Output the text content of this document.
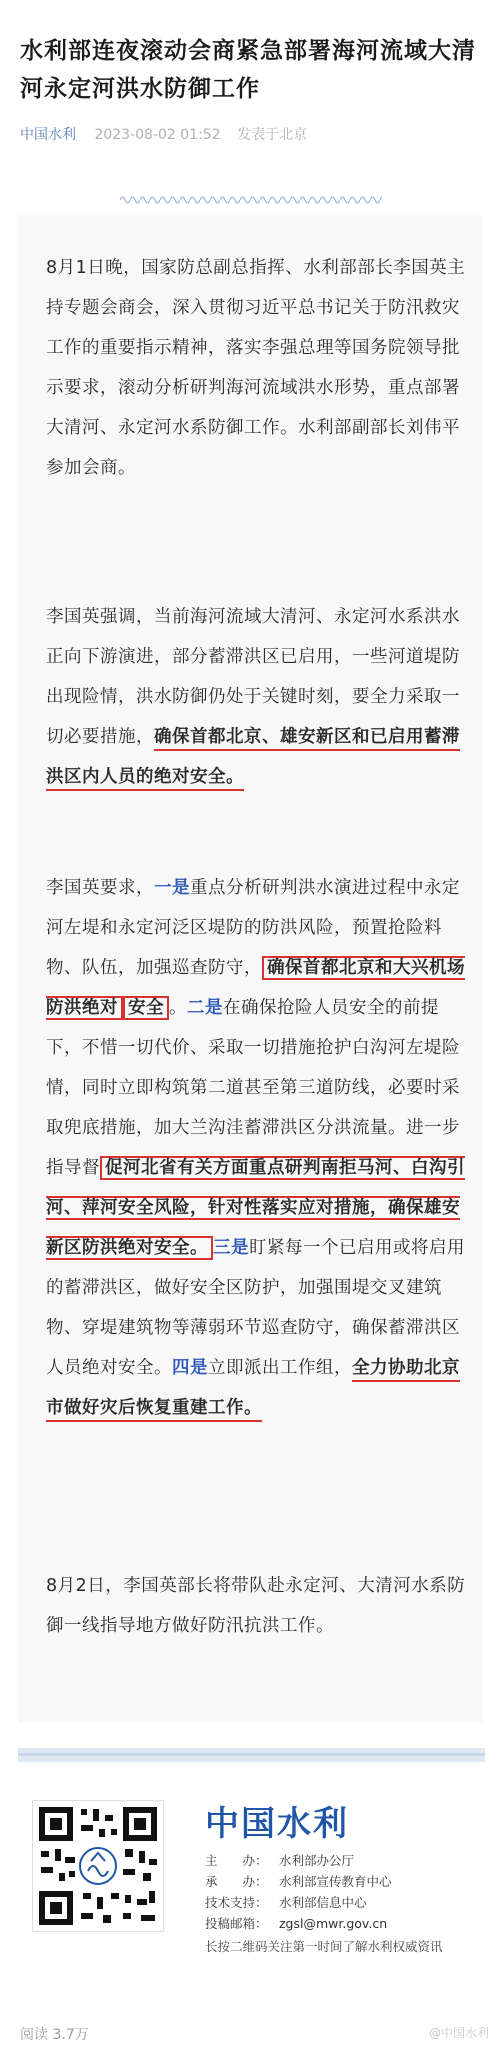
水利部连夜滚动会商紧急部署海河流域大清河永定河洪水防御工作
中国水利 2023-08-02 01:52 发表于北京
8月1日晚，国家防总副总指挥、水利部部长李国英主持专题会商会，深入贯彻习近平总书记关于防汛救灾工作的重要指示精神，落实李强总理等国务院领导批示要求，滚动分析研判海河流域洪水形势，重点部署大清河、永定河水系防御工作。水利部副部长刘伟平参加会商。
李国英强调，当前海河流域大清河、永定河水系洪水正向下游演进，部分蓄滞洪区已启用，一些河道堤防出现险情，洪水防御仍处于关键时刻，要全力采取一切必要措施，确保首都北京、雄安新区和已启用蓄滞洪区内人员的绝对安全。
李国英要求，一是重点分析研判洪水演进过程中永定河左堤和永定河泛区堤防的防洪风险，预置抢险料物、队伍，加强巡查防守， 确保首都北京和大兴机场防洪绝对 安全 。二是在确保抢险人员安全的前提下，不惜一切代价、采取一切措施抢护白沟河左堤险情，同时立即构筑第二道甚至第三道防线，必要时采取兜底措施，加大兰沟洼蓄滞洪区分洪流量。进一步指导督 促河北省有关方面重点研判南拒马河、白沟引河、萍河安全风险，针对性落实应对措施，确保雄安新区防洪绝对安全。 三是盯紧每一个已启用或将启用的蓄滞洪区，做好安全区防护，加强围堤交叉建筑物、穿堤建筑物等薄弱环节巡查防守，确保蓄滞洪区人员绝对安全。四是立即派出工作组，全力协助北京市做好灾后恢复重建工作。
8月2日，李国英部长将带队赴永定河、大清河水系防御一线指导地方做好防汛抗洪工作。
中国水利
主　　办： 水利部办公厅
承　　办： 水利部宣传教育中心
技术支持： 水利部信息中心
投稿邮箱： zgsl@mwr.gov.cn
长按二维码关注第一时间了解水利权威资讯
阅读 3.7万	@中国水利
